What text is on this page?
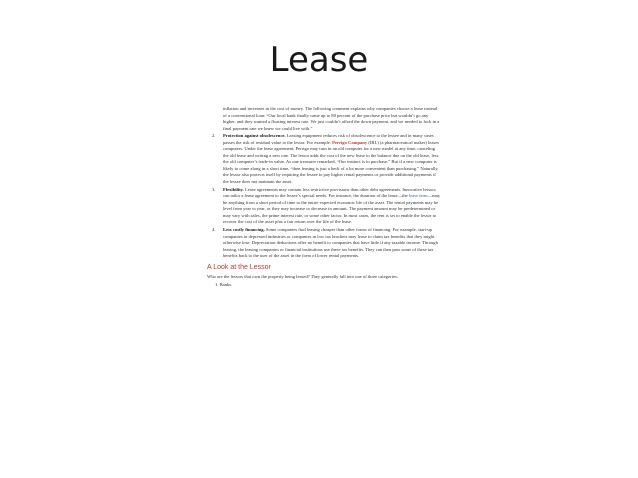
Lease

inflation and increases in the cost of money. The following comment explains why companies choose a lease instead of a conventional loan: “Our local bank finally came up to 80 percent of the purchase price but wouldn’t go any higher, and they wanted a floating interest rate. We just couldn’t afford the down payment, and we needed to lock in a final payment rate we knew we could live with.”

2. Protection against obsolescence. Leasing equipment reduces risk of obsolescence to the lessee and in many cases passes the risk of residual value to the lessor. For example, Perrigo Company (IRL) (a pharmaceutical maker) leases computers. Under the lease agreement, Perrigo may turn in an old computer for a new model at any time, canceling the old lease and writing a new one. The lessor adds the cost of the new lease to the balance due on the old lease, less the old computer’s trade-in value. As one treasurer remarked, “Our instinct is to purchase.” But if a new computer is likely to come along in a short time, “then leasing is just a heck of a lot more convenient than purchasing.” Naturally, the lessor also protects itself by requiring the lessee to pay higher rental payments or provide additional payments if the lessee does not maintain the asset.
3. Flexibility. Lease agreements may contain less restrictive provisions than other debt agreements. Innovative lessors can tailor a lease agreement to the lessee’s special needs. For instance, the duration of the lease—the lease term—may be anything from a short period of time to the entire expected economic life of the asset. The rental payments may be level from year to year, or they may increase or decrease in amount. The payment amount may be predetermined or may vary with sales, the prime interest rate, or some other factor. In most cases, the rent is set to enable the lessor to recover the cost of the asset plus a fair return over the life of the lease.
4. Less costly financing. Some companies find leasing cheaper than other forms of financing. For example, start-up companies in depressed industries or companies in low tax brackets may lease to claim tax benefits that they might otherwise lose. Depreciation deductions offer no benefit to companies that have little if any taxable income. Through leasing, the leasing companies or financial institutions use these tax benefits. They can then pass some of these tax benefits back to the user of the asset in the form of lower rental payments.

A Look at the Lessor

Who are the lessors that own the property being leased? They generally fall into one of three categories:

1. Banks.
